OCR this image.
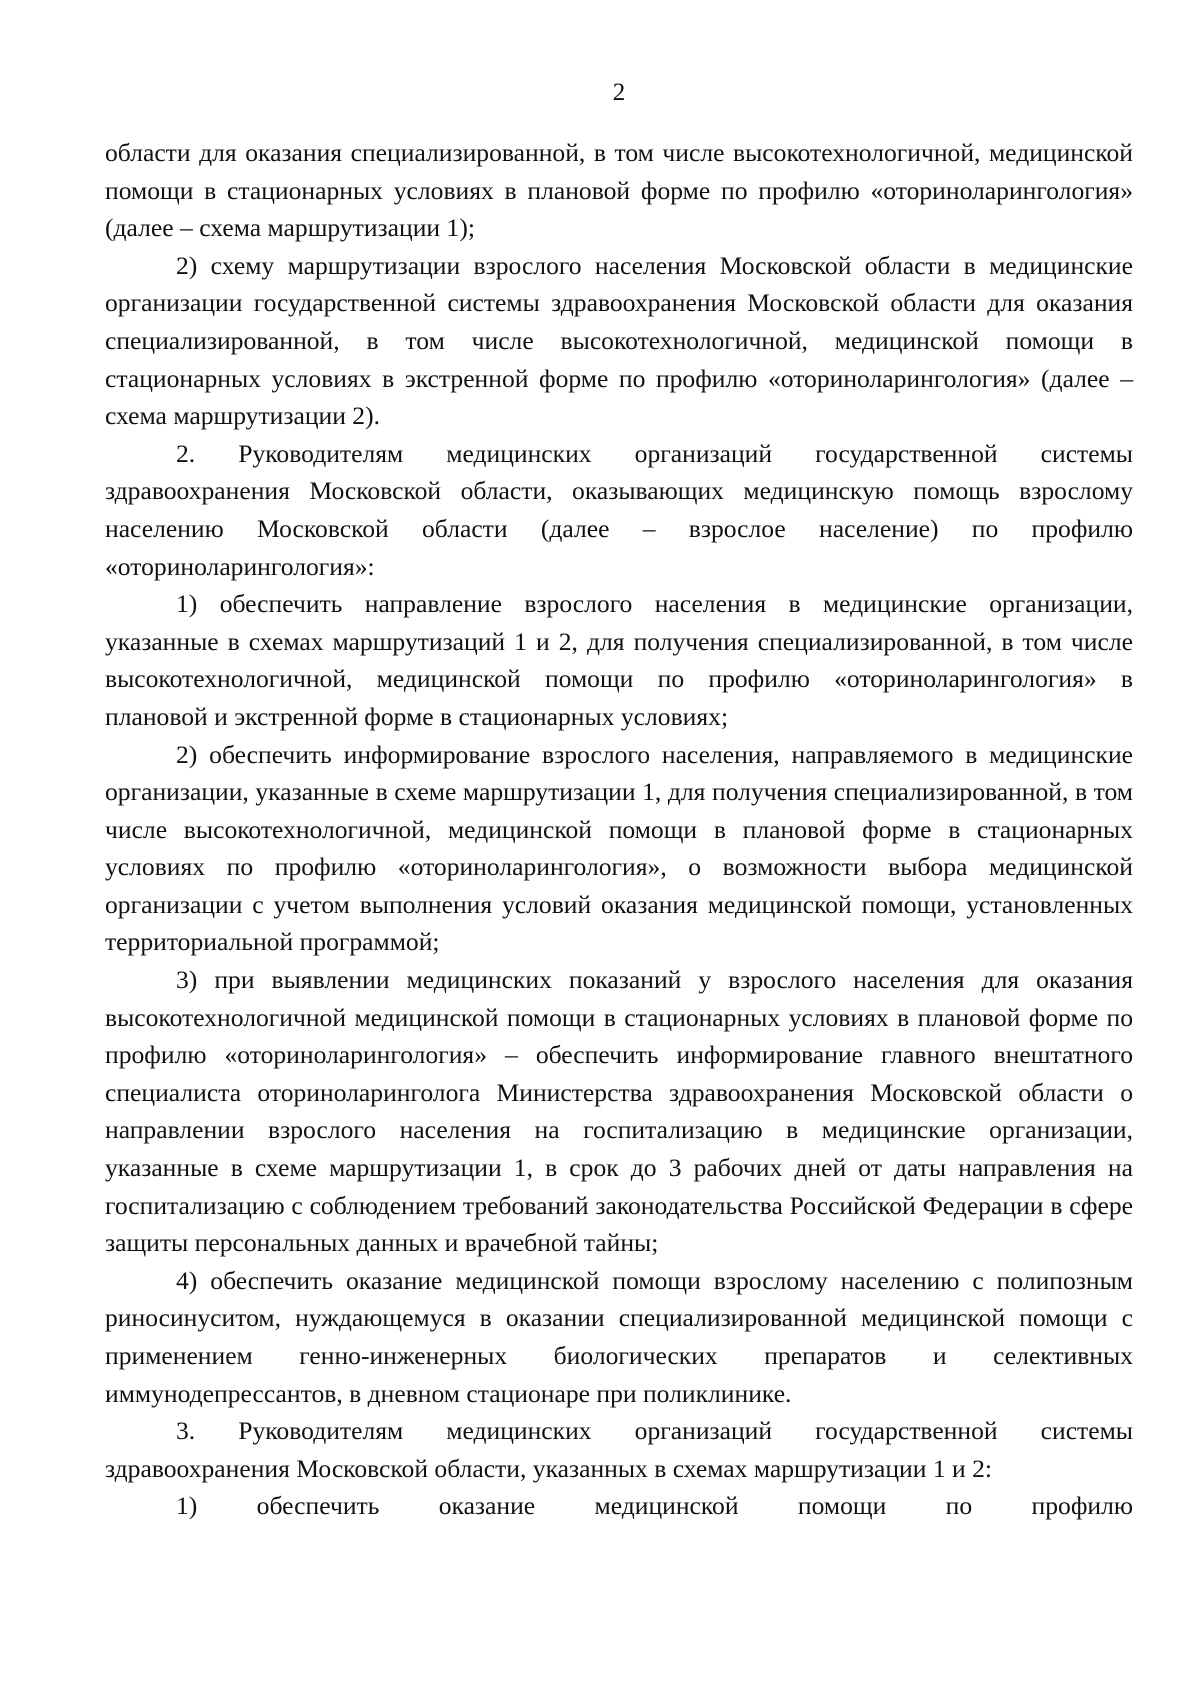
2

области для оказания специализированной, в том числе высокотехнологичной, медицинской помощи в стационарных условиях в плановой форме по профилю «оториноларингология» (далее – схема маршрутизации 1);

2) схему маршрутизации взрослого населения Московской области в медицинские организации государственной системы здравоохранения Московской области для оказания специализированной, в том числе высокотехнологичной, медицинской помощи в стационарных условиях в экстренной форме по профилю «оториноларингология» (далее – схема маршрутизации 2).

2. Руководителям медицинских организаций государственной системы здравоохранения Московской области, оказывающих медицинскую помощь взрослому населению Московской области (далее – взрослое население) по профилю «оториноларингология»:

1) обеспечить направление взрослого населения в медицинские организации, указанные в схемах маршрутизаций 1 и 2, для получения специализированной, в том числе высокотехнологичной, медицинской помощи по профилю «оториноларингология» в плановой и экстренной форме в стационарных условиях;

2) обеспечить информирование взрослого населения, направляемого в медицинские организации, указанные в схеме маршрутизации 1, для получения специализированной, в том числе высокотехнологичной, медицинской помощи в плановой форме в стационарных условиях по профилю «оториноларингология», о возможности выбора медицинской организации с учетом выполнения условий оказания медицинской помощи, установленных территориальной программой;

3) при выявлении медицинских показаний у взрослого населения для оказания высокотехнологичной медицинской помощи в стационарных условиях в плановой форме по профилю «оториноларингология» – обеспечить информирование главного внештатного специалиста оториноларинголога Министерства здравоохранения Московской области о направлении взрослого населения на госпитализацию в медицинские организации, указанные в схеме маршрутизации 1, в срок до 3 рабочих дней от даты направления на госпитализацию с соблюдением требований законодательства Российской Федерации в сфере защиты персональных данных и врачебной тайны;

4) обеспечить оказание медицинской помощи взрослому населению с полипозным риносинуситом, нуждающемуся в оказании специализированной медицинской помощи с применением генно-инженерных биологических препаратов и селективных иммунодепрессантов, в дневном стационаре при поликлинике.

3. Руководителям медицинских организаций государственной системы здравоохранения Московской области, указанных в схемах маршрутизации 1 и 2:

1) обеспечить оказание медицинской помощи по профилю
